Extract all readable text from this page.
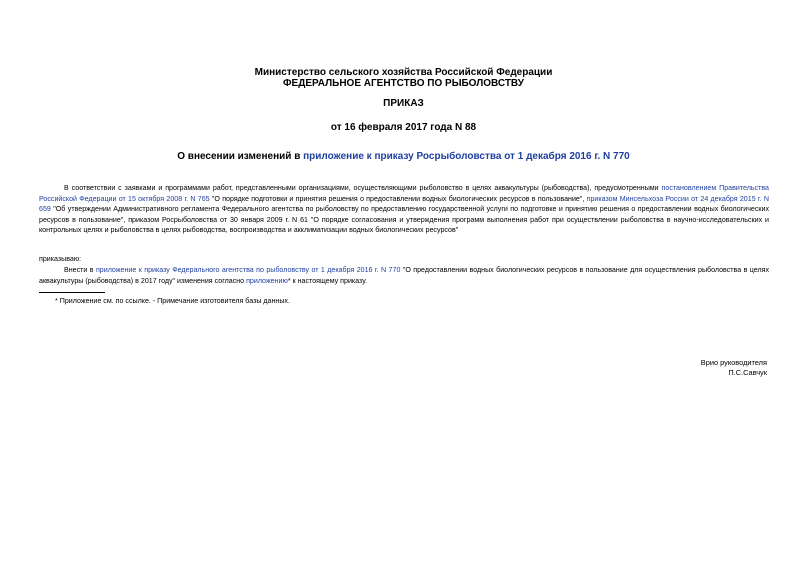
Министерство сельского хозяйства Российской Федерации
ФЕДЕРАЛЬНОЕ АГЕНТСТВО ПО РЫБОЛОВСТВУ
ПРИКАЗ
от 16 февраля 2017 года N 88
О внесении изменений в приложение к приказу Росрыболовства от 1 декабря 2016 г. N 770
В соответствии с заявками и программами работ, представленными организациями, осуществляющими рыболовство в целях аквакультуры (рыбоводства), предусмотренными постановлением Правительства Российской Федерации от 15 октября 2008 г. N 765 "О порядке подготовки и принятия решения о предоставлении водных биологических ресурсов в пользование", приказом Минсельхоза России от 24 декабря 2015 г. N 659 "Об утверждении Административного регламента Федерального агентства по рыболовству по предоставлению государственной услуги по подготовке и принятию решения о предоставлении водных биологических ресурсов в пользование", приказом Росрыболовства от 30 января 2009 г. N 61 "О порядке согласования и утверждения программ выполнения работ при осуществлении рыболовства в научно-исследовательских и контрольных целях и рыболовства в целях рыбоводства, воспроизводства и акклиматизации водных биологических ресурсов"
приказываю:
Внести в приложение к приказу Федерального агентства по рыболовству от 1 декабря 2016 г. N 770 "О предоставлении водных биологических ресурсов в пользование для осуществления рыболовства в целях аквакультуры (рыбоводства) в 2017 году" изменения согласно приложению* к настоящему приказу.
* Приложение см. по ссылке. - Примечание изготовителя базы данных.
Врио руководителя
П.С.Савчук
